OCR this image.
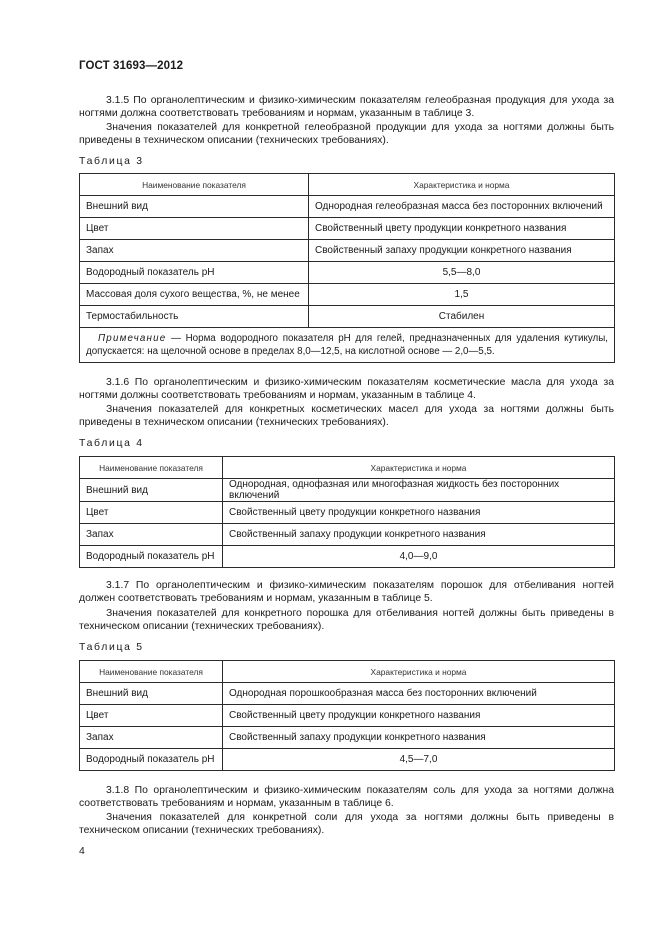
ГОСТ 31693—2012
3.1.5 По органолептическим и физико-химическим показателям гелеобразная продукция для ухода за ногтями должна соответствовать требованиям и нормам, указанным в таблице 3.
Значения показателей для конкретной гелеобразной продукции для ухода за ногтями должны быть приведены в техническом описании (технических требованиях).
Таблица 3
Наименование показателя	Характеристика и норма
Внешний вид	Однородная гелеобразная масса без посторонних включений
Цвет	Свойственный цвету продукции конкретного названия
Запах	Свойственный запаху продукции конкретного названия
Водородный показатель pH	5,5—8,0
Массовая доля сухого вещества, %, не менее	1,5
Термостабильность	Стабилен
Примечание — Норма водородного показателя pH для гелей, предназначенных для удаления кутикулы, допускается: на щелочной основе в пределах 8,0—12,5, на кислотной основе — 2,0—5,5.	
3.1.6 По органолептическим и физико-химическим показателям косметические масла для ухода за ногтями должны соответствовать требованиям и нормам, указанным в таблице 4.
Значения показателей для конкретных косметических масел для ухода за ногтями должны быть приведены в техническом описании (технических требованиях).
Таблица 4
Наименование показателя	Характеристика и норма
Внешний вид	Однородная, однофазная или многофазная жидкость без посторонних включений
Цвет	Свойственный цвету продукции конкретного названия
Запах	Свойственный запаху продукции конкретного названия
Водородный показатель pH	4,0—9,0
3.1.7 По органолептическим и физико-химическим показателям порошок для отбеливания ногтей должен соответствовать требованиям и нормам, указанным в таблице 5.
Значения показателей для конкретного порошка для отбеливания ногтей должны быть приведены в техническом описании (технических требованиях).
Таблица 5
Наименование показателя	Характеристика и норма
Внешний вид	Однородная порошкообразная масса без посторонних включений
Цвет	Свойственный цвету продукции конкретного названия
Запах	Свойственный запаху продукции конкретного названия
Водородный показатель pH	4,5—7,0
3.1.8 По органолептическим и физико-химическим показателям соль для ухода за ногтями должна соответствовать требованиям и нормам, указанным в таблице 6.
Значения показателей для конкретной соли для ухода за ногтями должны быть приведены в техническом описании (технических требованиях).
4
